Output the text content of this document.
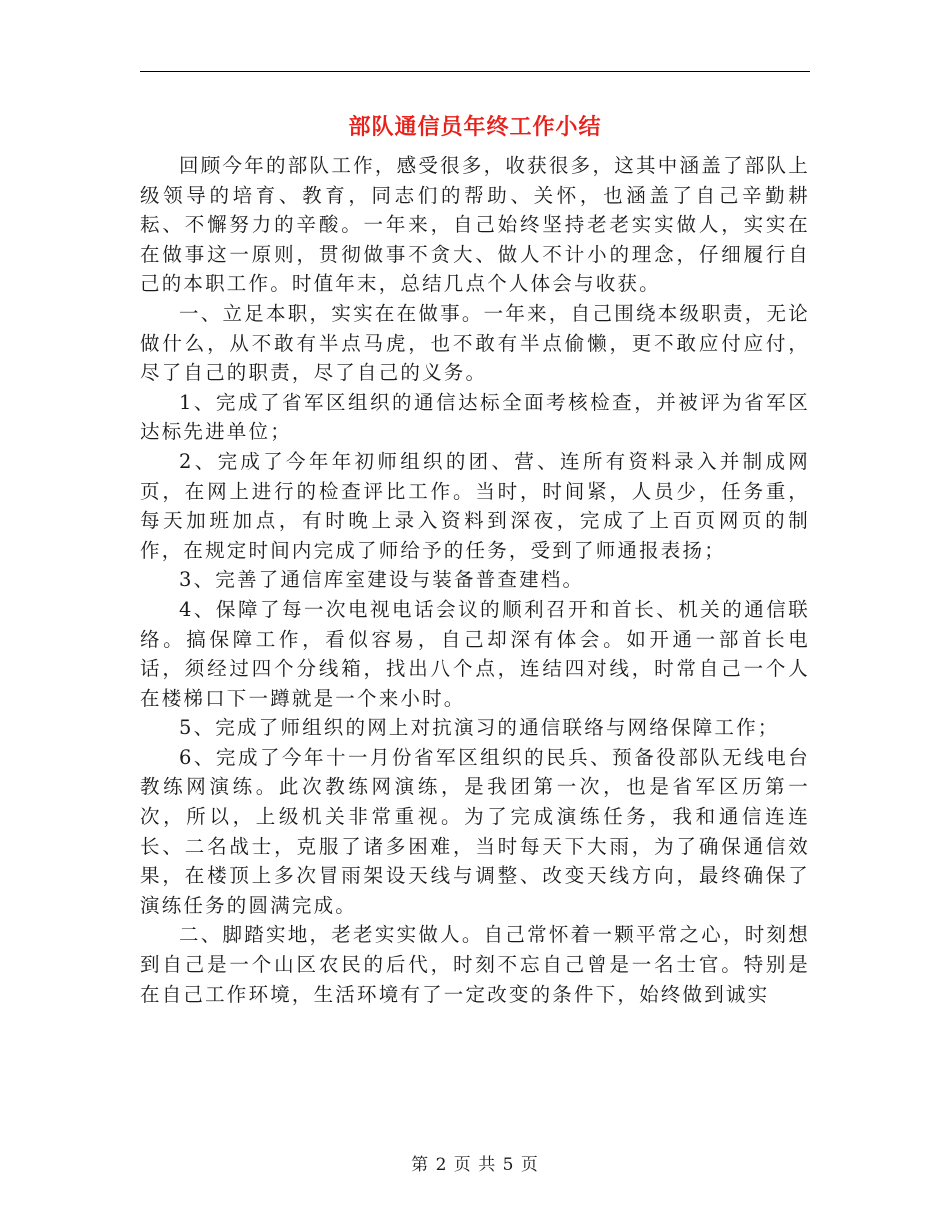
部队通信员年终工作小结

回顾今年的部队工作，感受很多，收获很多，这其中涵盖了部队上级领导的培育、教育，同志们的帮助、关怀，也涵盖了自己辛勤耕耘、不懈努力的辛酸。一年来，自己始终坚持老老实实做人，实实在在做事这一原则，贯彻做事不贪大、做人不计小的理念，仔细履行自己的本职工作。时值年末，总结几点个人体会与收获。

一、立足本职，实实在在做事。一年来，自己围绕本级职责，无论做什么，从不敢有半点马虎，也不敢有半点偷懒，更不敢应付应付，尽了自己的职责，尽了自己的义务。

1、完成了省军区组织的通信达标全面考核检查，并被评为省军区达标先进单位；

2、完成了今年年初师组织的团、营、连所有资料录入并制成网页，在网上进行的检查评比工作。当时，时间紧，人员少，任务重，每天加班加点，有时晚上录入资料到深夜，完成了上百页网页的制作，在规定时间内完成了师给予的任务，受到了师通报表扬；

3、完善了通信库室建设与装备普查建档。

4、保障了每一次电视电话会议的顺利召开和首长、机关的通信联络。搞保障工作，看似容易，自己却深有体会。如开通一部首长电话，须经过四个分线箱，找出八个点，连结四对线，时常自己一个人在楼梯口下一蹲就是一个来小时。

5、完成了师组织的网上对抗演习的通信联络与网络保障工作；

6、完成了今年十一月份省军区组织的民兵、预备役部队无线电台教练网演练。此次教练网演练，是我团第一次，也是省军区历第一次，所以，上级机关非常重视。为了完成演练任务，我和通信连连长、二名战士，克服了诸多困难，当时每天下大雨，为了确保通信效果，在楼顶上多次冒雨架设天线与调整、改变天线方向，最终确保了演练任务的圆满完成。

二、脚踏实地，老老实实做人。自己常怀着一颗平常之心，时刻想到自己是一个山区农民的后代，时刻不忘自己曾是一名士官。特别是在自己工作环境，生活环境有了一定改变的条件下，始终做到诚实

第 2 页 共 5 页
